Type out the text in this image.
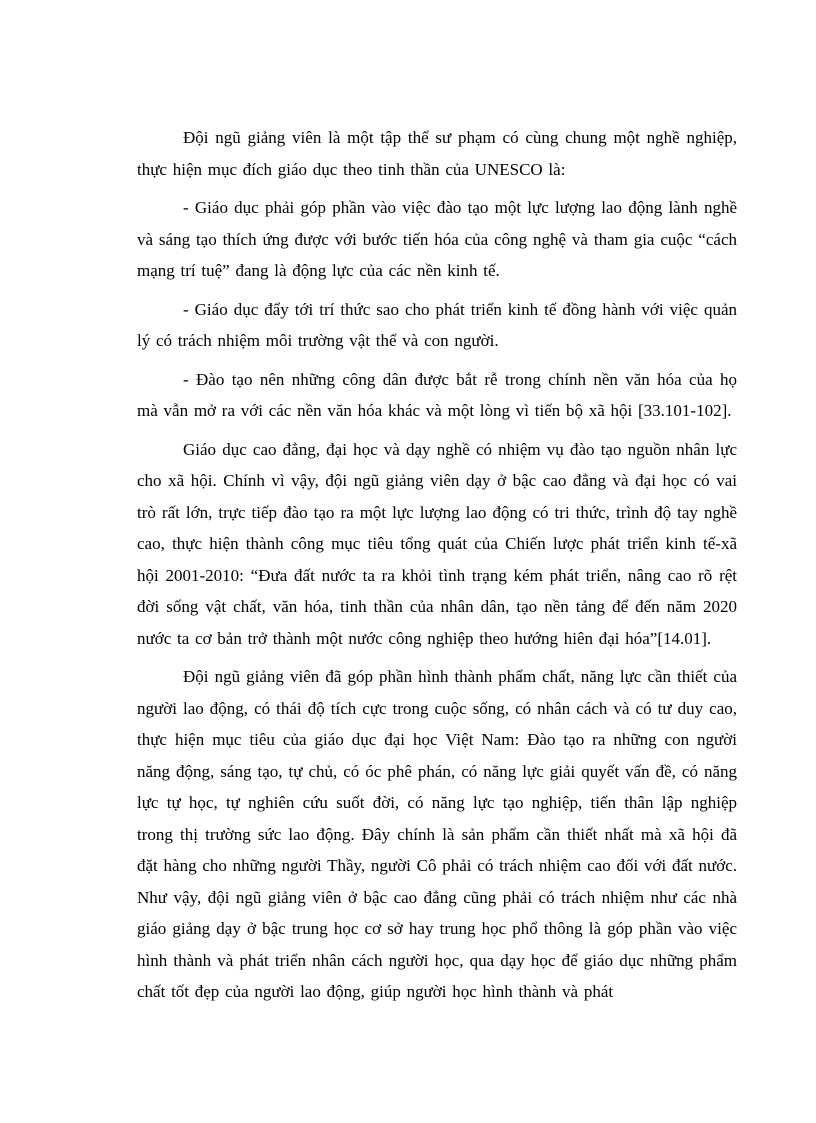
Đội ngũ giảng viên là một tập thể sư phạm có cùng chung một nghề nghiệp, thực hiện mục đích giáo dục theo tinh thần của UNESCO là:

- Giáo dục phải góp phần vào việc đào tạo một lực lượng lao động lành nghề và sáng tạo thích ứng được với bước tiến hóa của công nghệ và tham gia cuộc “cách mạng trí tuệ” đang là động lực của các nền kinh tế.

- Giáo dục đẩy tới trí thức sao cho phát triển kinh tế đồng hành với việc quản lý có trách nhiệm môi trường vật thể và con người.

- Đào tạo nên những công dân được bắt rễ trong chính nền văn hóa của họ mà vẫn mở ra với các nền văn hóa khác và một lòng vì tiến bộ xã hội [33.101-102].

Giáo dục cao đẳng, đại học và dạy nghề có nhiệm vụ đào tạo nguồn nhân lực cho xã hội. Chính vì vậy, đội ngũ giảng viên dạy ở bậc cao đẳng và đại học có vai trò rất lớn, trực tiếp đào tạo ra một lực lượng lao động có tri thức, trình độ tay nghề cao, thực hiện thành công mục tiêu tổng quát của Chiến lược phát triển kinh tế-xã hội 2001-2010: “Đưa đất nước ta ra khỏi tình trạng kém phát triển, nâng cao rõ rệt đời sống vật chất, văn hóa, tinh thần của nhân dân, tạo nền tảng để đến năm 2020 nước ta cơ bản trở thành một nước công nghiệp theo hướng hiên đại hóa”[14.01].

Đội ngũ giảng viên đã góp phần hình thành phẩm chất, năng lực cần thiết của người lao động, có thái độ tích cực trong cuộc sống, có nhân cách và có tư duy cao, thực hiện mục tiêu của giáo dục đại học Việt Nam: Đào tạo ra những con người năng động, sáng tạo, tự chủ, có óc phê phán, có năng lực giải quyết vấn đề, có năng lực tự học, tự nghiên cứu suốt đời, có năng lực tạo nghiệp, tiến thân lập nghiệp trong thị trường sức lao động. Đây chính là sản phẩm cần thiết nhất mà xã hội đã đặt hàng cho những người Thầy, người Cô phải có trách nhiệm cao đối với đất nước. Như vậy, đội ngũ giảng viên ở bậc cao đẳng cũng phải có trách nhiệm như các nhà giáo giảng dạy ở bậc trung học cơ sở hay trung học phổ thông là góp phần vào việc hình thành và phát triển nhân cách người học, qua dạy học để giáo dục những phẩm chất tốt đẹp của người lao động, giúp người học hình thành và phát
